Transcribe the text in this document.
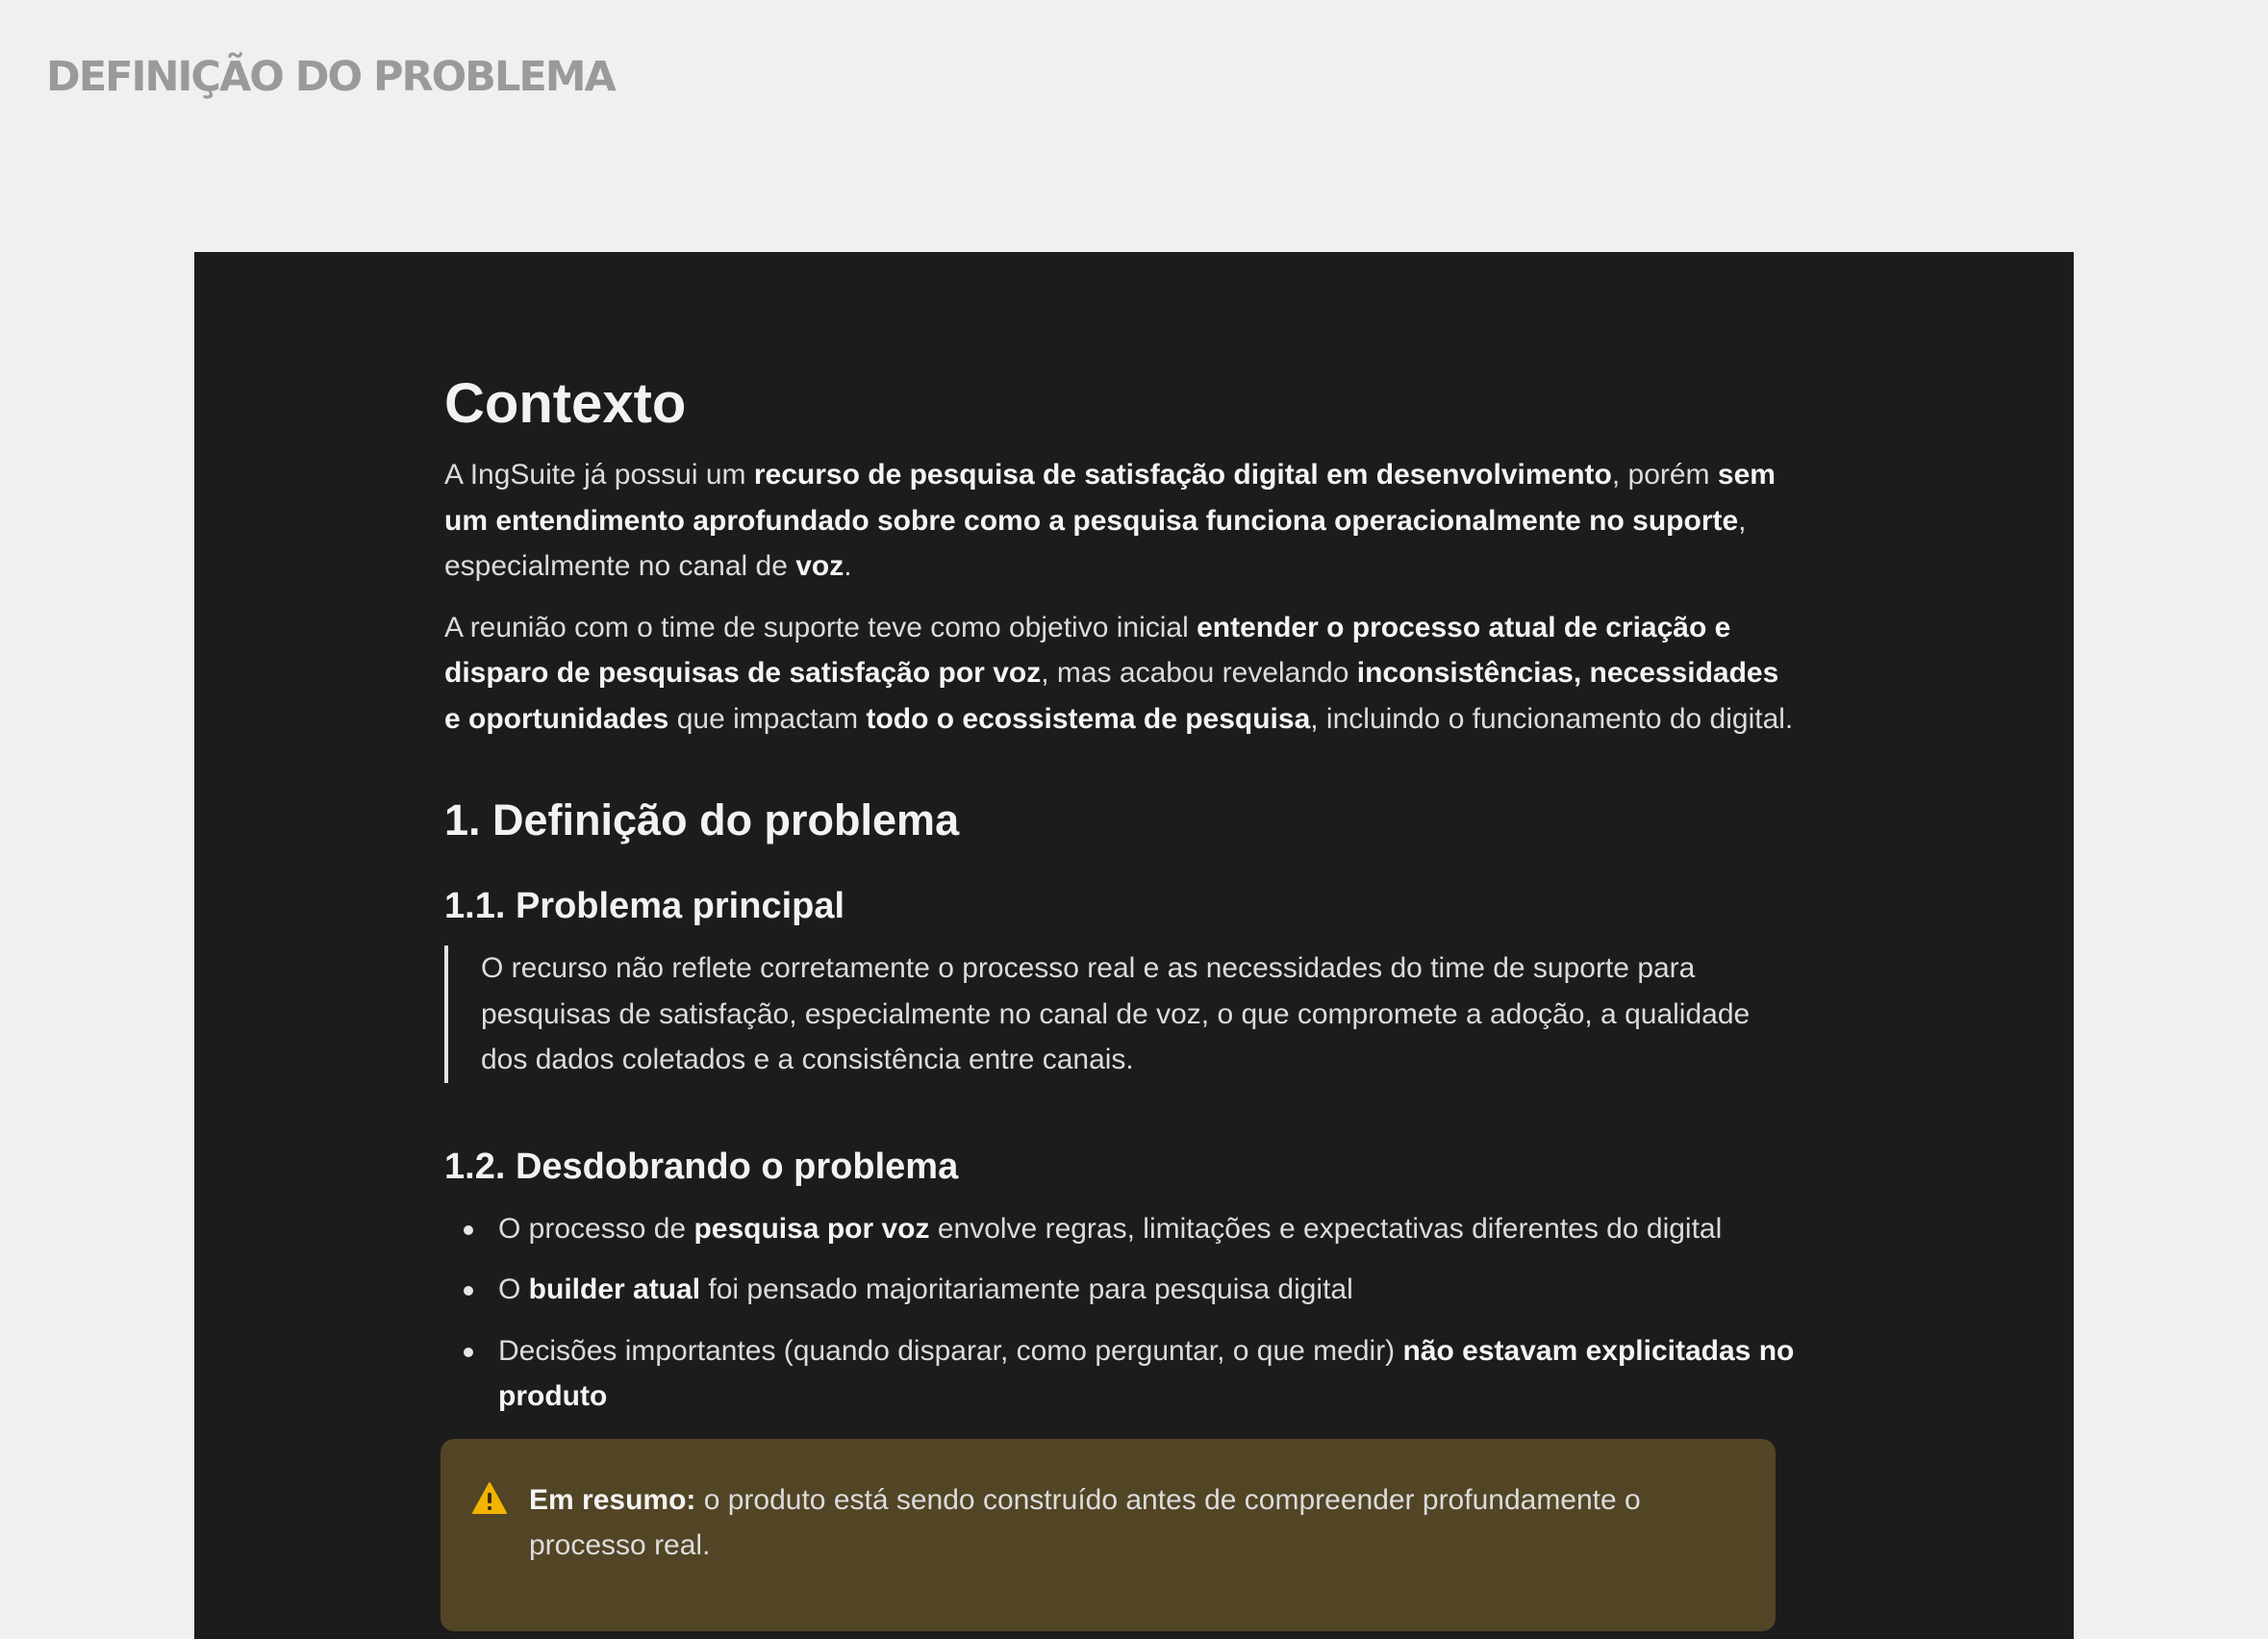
DEFINIÇÃO DO PROBLEMA
Contexto

A IngSuite já possui um recurso de pesquisa de satisfação digital em desenvolvimento, porém sem um entendimento aprofundado sobre como a pesquisa funciona operacionalmente no suporte, especialmente no canal de voz.

A reunião com o time de suporte teve como objetivo inicial entender o processo atual de criação e disparo de pesquisas de satisfação por voz, mas acabou revelando inconsistências, necessidades e oportunidades que impactam todo o ecossistema de pesquisa, incluindo o funcionamento do digital.

1. Definição do problema
1.1. Problema principal
O recurso não reflete corretamente o processo real e as necessidades do time de suporte para pesquisas de satisfação, especialmente no canal de voz, o que compromete a adoção, a qualidade dos dados coletados e a consistência entre canais.
1.2. Desdobrando o problema
O processo de pesquisa por voz envolve regras, limitações e expectativas diferentes do digital
O builder atual foi pensado majoritariamente para pesquisa digital
Decisões importantes (quando disparar, como perguntar, o que medir) não estavam explicitadas no produto
Em resumo: o produto está sendo construído antes de compreender profundamente o processo real.
